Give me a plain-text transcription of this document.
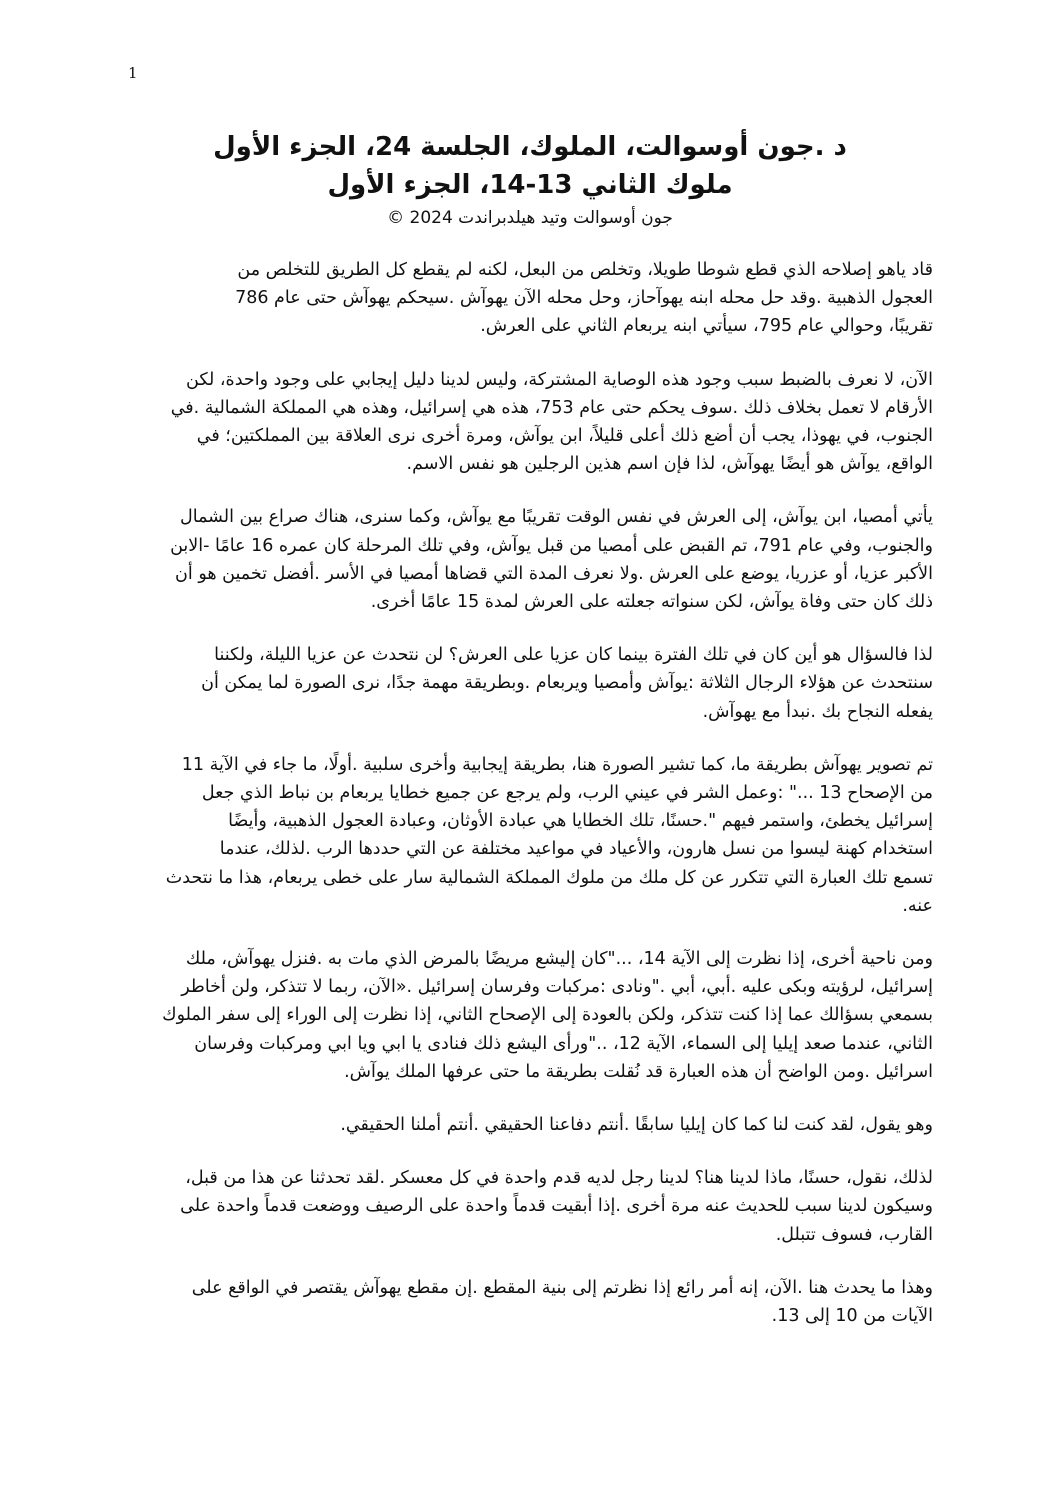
1
د .جون أوسوالت، الملوك، الجلسة 24، الجزء الأول
ملوك الثاني 13-14، الجزء الأول
جون أوسوالت وتيد هيلدبراندت 2024 ©

قاد ياهو إصلاحه الذي قطع شوطا طويلا، وتخلص من البعل، لكنه لم يقطع كل الطريق للتخلص من
العجول الذهبية .وقد حل محله ابنه يهوآحاز، وحل محله الآن يهوآش .سيحكم يهوآش حتى عام 786
تقريبًا، وحوالي عام 795، سيأتي ابنه يربعام الثاني على العرش.

الآن، لا نعرف بالضبط سبب وجود هذه الوصاية المشتركة، وليس لدينا دليل إيجابي على وجود واحدة، لكن
الأرقام لا تعمل بخلاف ذلك .سوف يحكم حتى عام 753، هذه هي إسرائيل، وهذه هي المملكة الشمالية .في
الجنوب، في يهوذا، يجب أن أضع ذلك أعلى قليلاً، ابن يوآش، ومرة أخرى نرى العلاقة بين المملكتين؛ في
الواقع، يوآش هو أيضًا يهوآش، لذا فإن اسم هذين الرجلين هو نفس الاسم.

يأتي أمصيا، ابن يوآش، إلى العرش في نفس الوقت تقريبًا مع يوآش، وكما سنرى، هناك صراع بين الشمال
والجنوب، وفي عام 791، تم القبض على أمصيا من قبل يوآش، وفي تلك المرحلة كان عمره 16 عامًا -الابن
الأكبر عزيا، أو عزريا، يوضع على العرش .ولا نعرف المدة التي قضاها أمصيا في الأسر .أفضل تخمين هو أن
ذلك كان حتى وفاة يوآش، لكن سنواته جعلته على العرش لمدة 15 عامًا أخرى.

لذا فالسؤال هو أين كان في تلك الفترة بينما كان عزيا على العرش؟ لن نتحدث عن عزيا الليلة، ولكننا
سنتحدث عن هؤلاء الرجال الثلاثة :يوآش وأمصيا ويربعام .وبطريقة مهمة جدًا، نرى الصورة لما يمكن أن
يفعله النجاح بك .نبدأ مع يهوآش.

تم تصوير يهوآش بطريقة ما، كما تشير الصورة هنا، بطريقة إيجابية وأخرى سلبية .أولًا، ما جاء في الآية 11
من الإصحاح 13 ..." :وعمل الشر في عيني الرب، ولم يرجع عن جميع خطايا يربعام بن نباط الذي جعل
إسرائيل يخطئ، واستمر فيهم ".حسنًا، تلك الخطايا هي عبادة الأوثان، وعبادة العجول الذهبية، وأيضًا
استخدام كهنة ليسوا من نسل هارون، والأعياد في مواعيد مختلفة عن التي حددها الرب .لذلك، عندما
تسمع تلك العبارة التي تتكرر عن كل ملك من ملوك المملكة الشمالية سار على خطى يربعام، هذا ما نتحدث
عنه.

ومن ناحية أخرى، إذا نظرت إلى الآية 14، ..."كان إليشع مريضًا بالمرض الذي مات به .فنزل يهوآش، ملك
إسرائيل، لرؤيته وبكى عليه .أبي، أبي ."ونادى :مركبات وفرسان إسرائيل .«الآن، ربما لا تتذكر، ولن أخاطر
بسمعي بسؤالك عما إذا كنت تتذكر، ولكن بالعودة إلى الإصحاح الثاني، إذا نظرت إلى الوراء إلى سفر الملوك
الثاني، عندما صعد إيليا إلى السماء، الآية 12، .."ورأى اليشع ذلك فنادى يا ابي ويا ابي ومركبات وفرسان
اسرائيل .ومن الواضح أن هذه العبارة قد نُقلت بطريقة ما حتى عرفها الملك يوآش.

وهو يقول، لقد كنت لنا كما كان إيليا سابقًا .أنتم دفاعنا الحقيقي .أنتم أملنا الحقيقي.

لذلك، نقول، حسنًا، ماذا لدينا هنا؟ لدينا رجل لديه قدم واحدة في كل معسكر .لقد تحدثنا عن هذا من قبل،
وسيكون لدينا سبب للحديث عنه مرة أخرى .إذا أبقيت قدماً واحدة على الرصيف ووضعت قدماً واحدة على
القارب، فسوف تتبلل.

وهذا ما يحدث هنا .الآن، إنه أمر رائع إذا نظرتم إلى بنية المقطع .إن مقطع يهوآش يقتصر في الواقع على
الآيات من 10 إلى 13.
